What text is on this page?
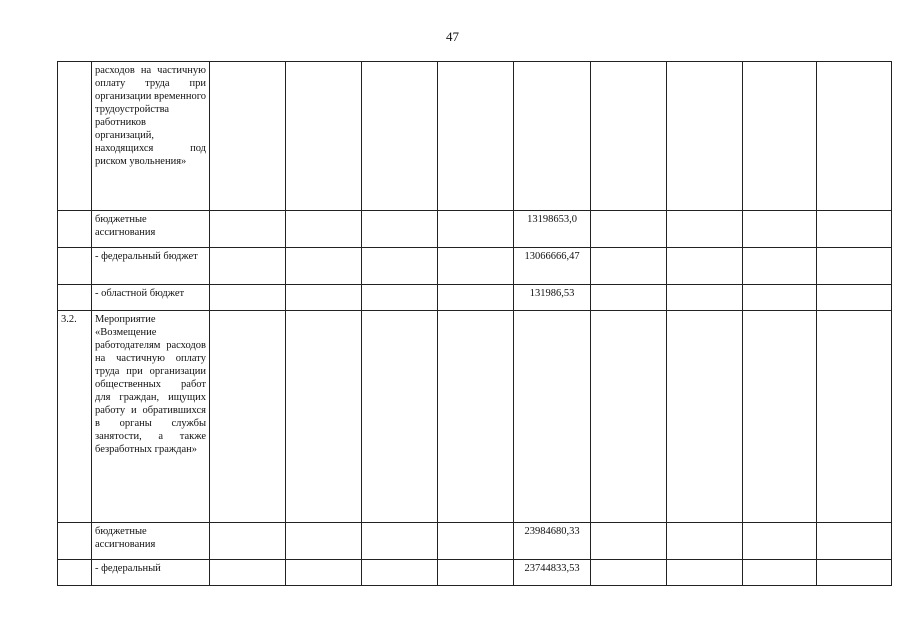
47
	расходов на частичную оплату труда при организации временного трудоустройства работников организаций, находящихся под риском увольнения»									
	бюджетные ассигнования					13198653,0				
	- федеральный бюджет					13066666,47				
	- областной бюджет					131986,53				
3.2.	Мероприятие «Возмещение работодателям расходов на частичную оплату труда при организации общественных работ для граждан, ищущих работу и обратившихся в органы службы занятости, а также безработных граждан»									
	бюджетные ассигнования					23984680,33				
	- федеральный					23744833,53				
